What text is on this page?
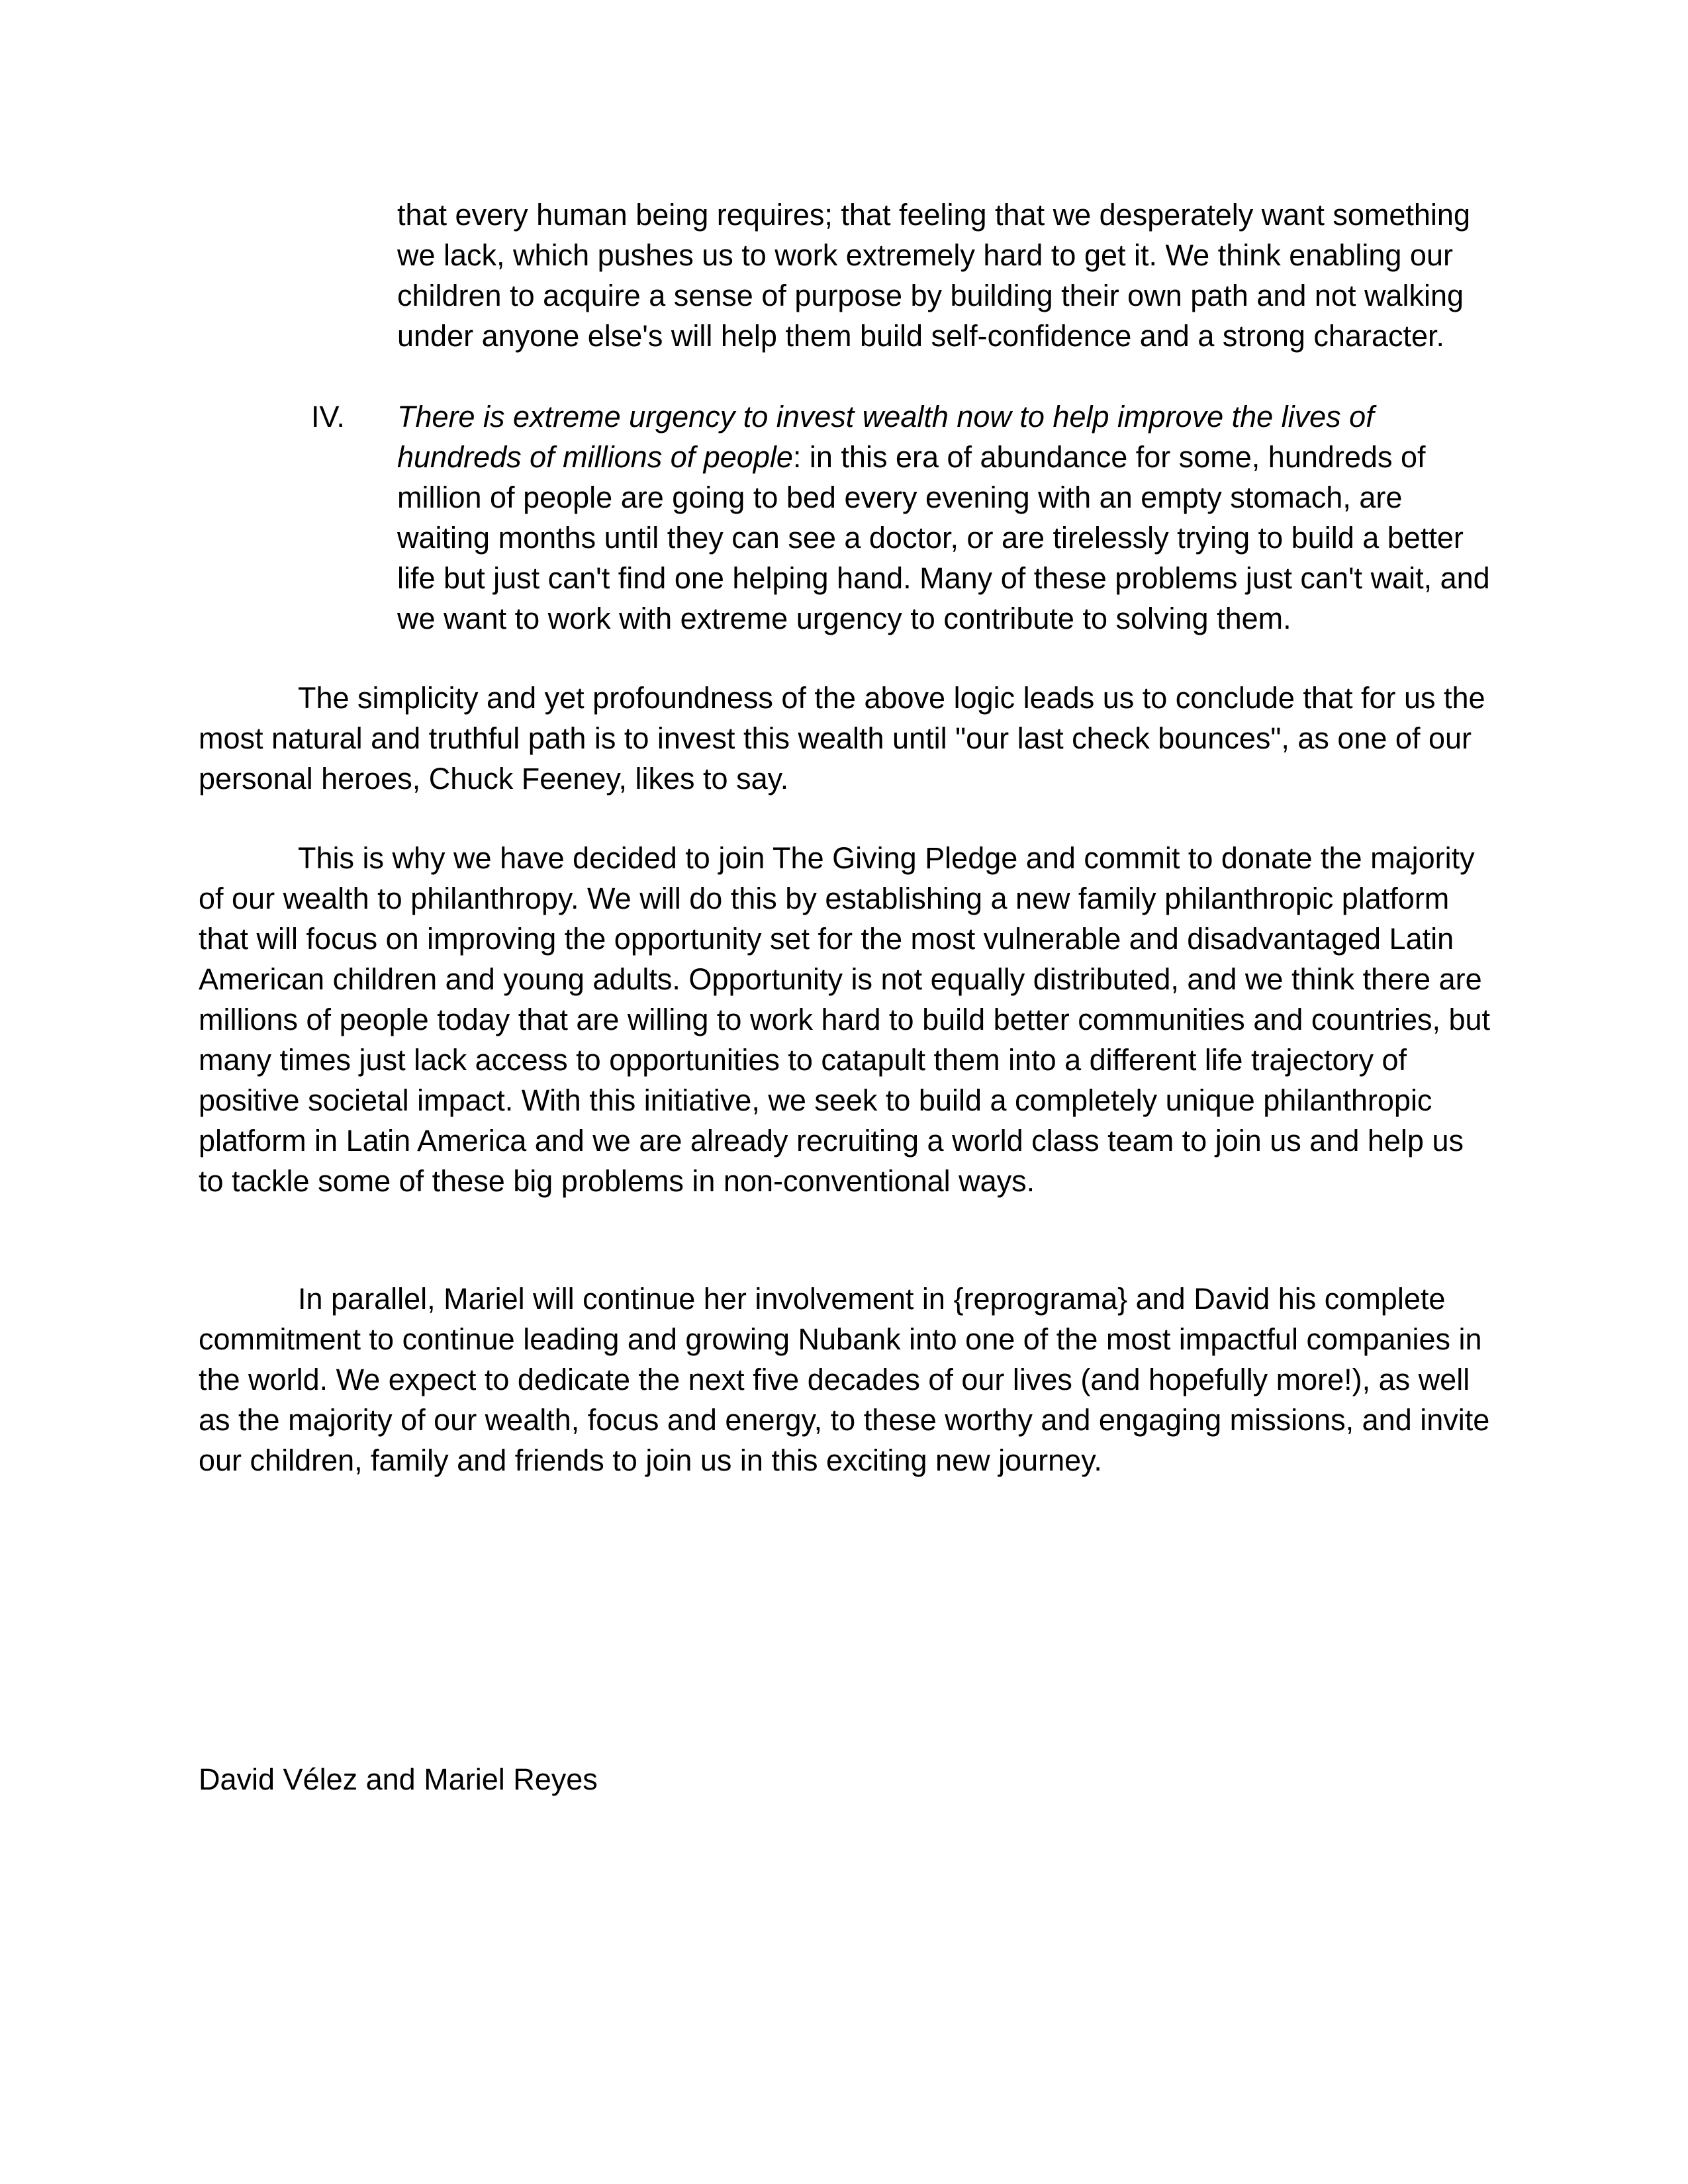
that every human being requires; that feeling that we desperately want something we lack, which pushes us to work extremely hard to get it. We think enabling our children to acquire a sense of purpose by building their own path and not walking under anyone else's will help them build self-confidence and a strong character.

IV.	There is extreme urgency to invest wealth now to help improve the lives of hundreds of millions of people: in this era of abundance for some, hundreds of million of people are going to bed every evening with an empty stomach, are waiting months until they can see a doctor, or are tirelessly trying to build a better life but just can't find one helping hand. Many of these problems just can't wait, and we want to work with extreme urgency to contribute to solving them.

The simplicity and yet profoundness of the above logic leads us to conclude that for us the most natural and truthful path is to invest this wealth until "our last check bounces", as one of our personal heroes, Chuck Feeney, likes to say.

This is why we have decided to join The Giving Pledge and commit to donate the majority of our wealth to philanthropy. We will do this by establishing a new family philanthropic platform that will focus on improving the opportunity set for the most vulnerable and disadvantaged Latin American children and young adults. Opportunity is not equally distributed, and we think there are millions of people today that are willing to work hard to build better communities and countries, but many times just lack access to opportunities to catapult them into a different life trajectory of positive societal impact. With this initiative, we seek to build a completely unique philanthropic platform in Latin America and we are already recruiting a world class team to join us and help us to tackle some of these big problems in non-conventional ways.

In parallel, Mariel will continue her involvement in {reprograma} and David his complete commitment to continue leading and growing Nubank into one of the most impactful companies in the world. We expect to dedicate the next five decades of our lives (and hopefully more!), as well as the majority of our wealth, focus and energy, to these worthy and engaging missions, and invite our children, family and friends to join us in this exciting new journey.

David Vélez and Mariel Reyes
